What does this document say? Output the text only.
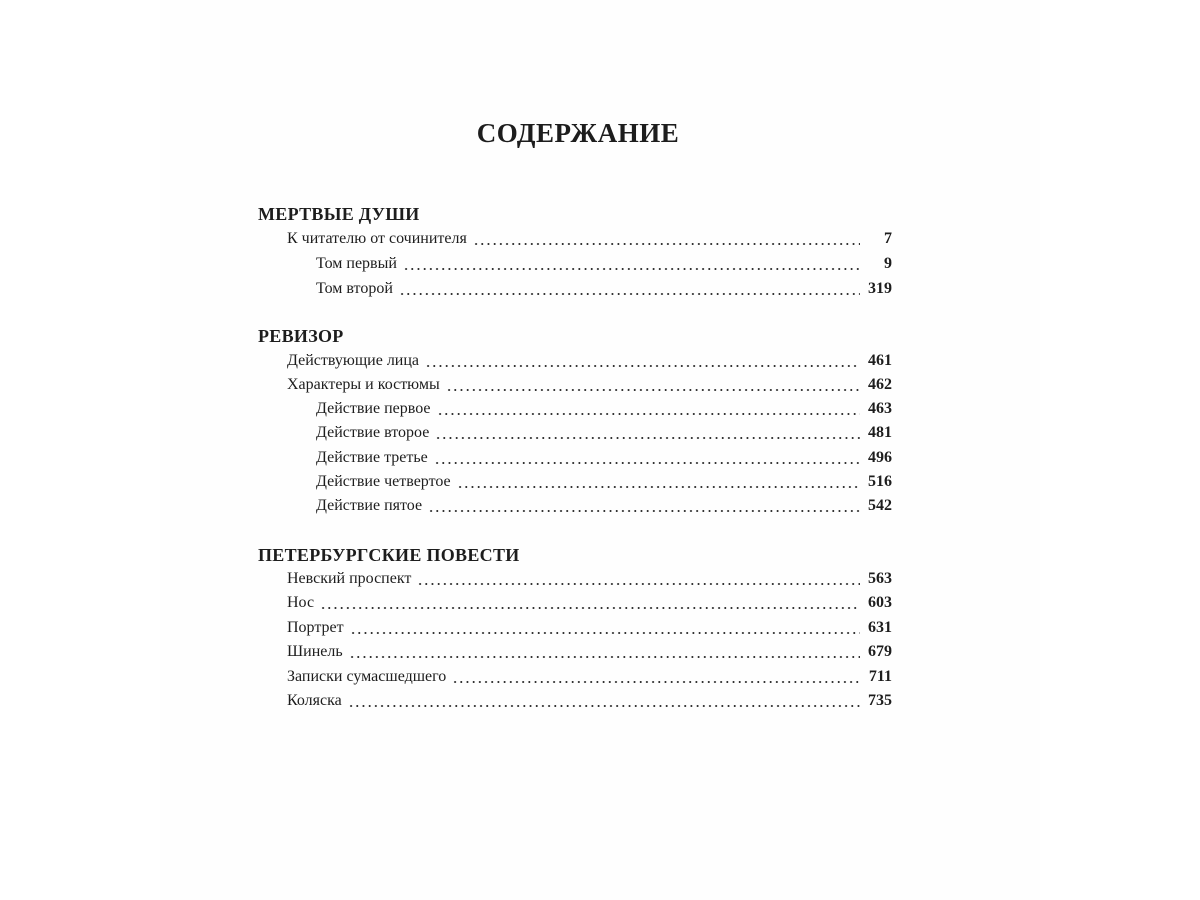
СОДЕРЖАНИЕ
МЕРТВЫЕ ДУШИ
К читателю от сочинителя	7
Том первый	9
Том второй	319
РЕВИЗОР
Действующие лица	461
Характеры и костюмы	462
Действие первое	463
Действие второе	481
Действие третье	496
Действие четвертое	516
Действие пятое	542
ПЕТЕРБУРГСКИЕ ПОВЕСТИ
Невский проспект	563
Нос	603
Портрет	631
Шинель	679
Записки сумасшедшего	711
Коляска	735
